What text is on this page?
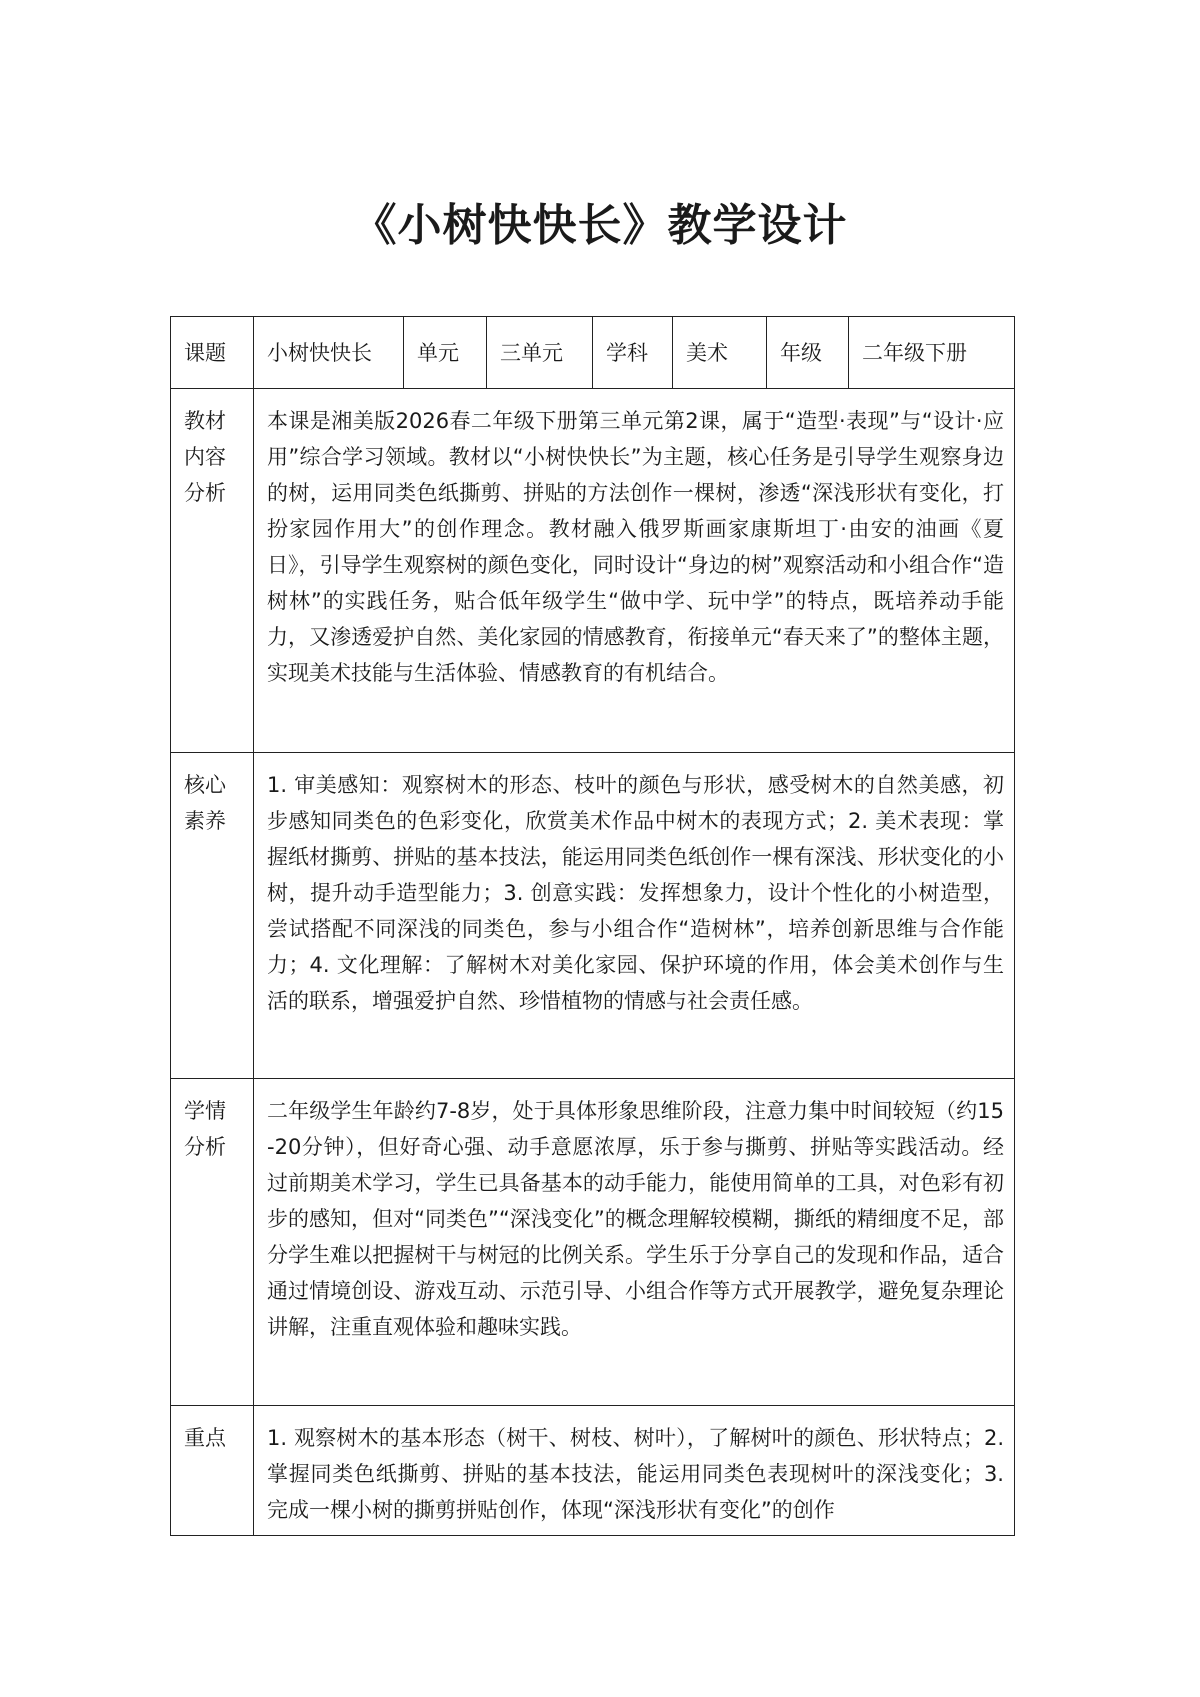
《小树快快长》教学设计
课题	小树快快长	单元	三单元	学科	美术	年级	二年级下册
教材内容分析	本课是湘美版2026春二年级下册第三单元第2课，属于“造型·表现”与“设计·应用”综合学习领域。教材以“小树快快长”为主题，核心任务是引导学生观察身边的树，运用同类色纸撕剪、拼贴的方法创作一棵树，渗透“深浅形状有变化，打扮家园作用大”的创作理念。教材融入俄罗斯画家康斯坦丁·由安的油画《夏日》，引导学生观察树的颜色变化，同时设计“身边的树”观察活动和小组合作“造树林”的实践任务，贴合低年级学生“做中学、玩中学”的特点，既培养动手能力，又渗透爱护自然、美化家园的情感教育，衔接单元“春天来了”的整体主题，实现美术技能与生活体验、情感教育的有机结合。						
核心素养	1. 审美感知：观察树木的形态、枝叶的颜色与形状，感受树木的自然美感，初步感知同类色的色彩变化，欣赏美术作品中树木的表现方式；2. 美术表现：掌握纸材撕剪、拼贴的基本技法，能运用同类色纸创作一棵有深浅、形状变化的小树，提升动手造型能力；3. 创意实践：发挥想象力，设计个性化的小树造型，尝试搭配不同深浅的同类色，参与小组合作“造树林”，培养创新思维与合作能力；4. 文化理解：了解树木对美化家园、保护环境的作用，体会美术创作与生活的联系，增强爱护自然、珍惜植物的情感与社会责任感。						
学情分析	二年级学生年龄约7-8岁，处于具体形象思维阶段，注意力集中时间较短（约15-20分钟），但好奇心强、动手意愿浓厚，乐于参与撕剪、拼贴等实践活动。经过前期美术学习，学生已具备基本的动手能力，能使用简单的工具，对色彩有初步的感知，但对“同类色”“深浅变化”的概念理解较模糊，撕纸的精细度不足，部分学生难以把握树干与树冠的比例关系。学生乐于分享自己的发现和作品，适合通过情境创设、游戏互动、示范引导、小组合作等方式开展教学，避免复杂理论讲解，注重直观体验和趣味实践。						
重点	1. 观察树木的基本形态（树干、树枝、树叶），了解树叶的颜色、形状特点；2. 掌握同类色纸撕剪、拼贴的基本技法，能运用同类色表现树叶的深浅变化；3. 完成一棵小树的撕剪拼贴创作，体现“深浅形状有变化”的创作						
